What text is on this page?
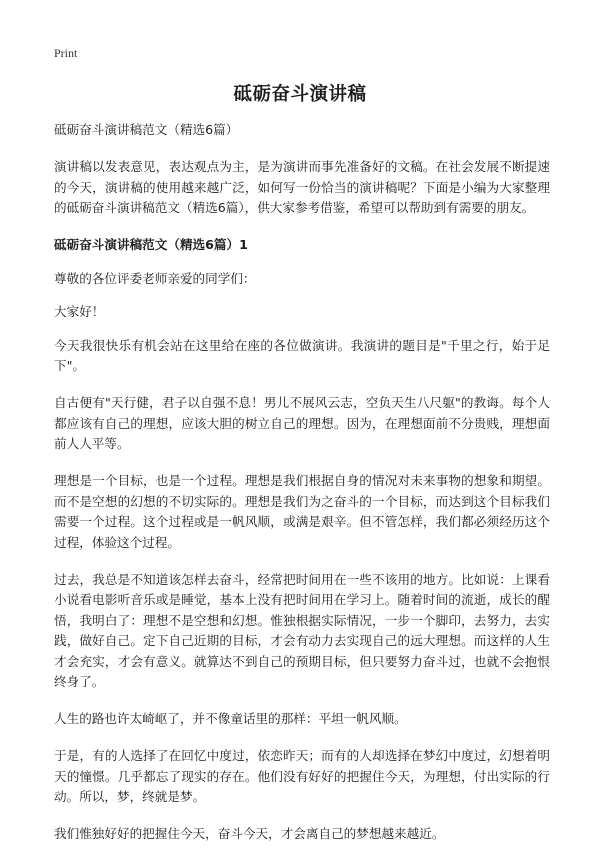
Print
砥砺奋斗演讲稿

砥砺奋斗演讲稿范文（精选6篇）

演讲稿以发表意见，表达观点为主，是为演讲而事先准备好的文稿。在社会发展不断提速的今天，演讲稿的使用越来越广泛，如何写一份恰当的演讲稿呢？下面是小编为大家整理的砥砺奋斗演讲稿范文（精选6篇），供大家参考借鉴，希望可以帮助到有需要的朋友。

砥砺奋斗演讲稿范文（精选6篇）1

尊敬的各位评委老师亲爱的同学们：

大家好！

今天我很快乐有机会站在这里给在座的各位做演讲。我演讲的题目是"千里之行，始于足下"。

自古便有"天行健，君子以自强不息！男儿不展风云志，空负天生八尺躯"的教诲。每个人都应该有自己的理想，应该大胆的树立自己的理想。因为，在理想面前不分贵贱，理想面前人人平等。

理想是一个目标，也是一个过程。理想是我们根据自身的情况对未来事物的想象和期望。而不是空想的幻想的不切实际的。理想是我们为之奋斗的一个目标，而达到这个目标我们需要一个过程。这个过程或是一帆风顺，或满是艰辛。但不管怎样，我们都必须经历这个过程，体验这个过程。

过去，我总是不知道该怎样去奋斗，经常把时间用在一些不该用的地方。比如说：上课看小说看电影听音乐或是睡觉，基本上没有把时间用在学习上。随着时间的流逝，成长的醒悟，我明白了：理想不是空想和幻想。惟独根据实际情况，一步一个脚印，去努力，去实践，做好自己。定下自己近期的目标，才会有动力去实现自己的远大理想。而这样的人生才会充实，才会有意义。就算达不到自己的预期目标，但只要努力奋斗过，也就不会抱恨终身了。

人生的路也许太崎岖了，并不像童话里的那样：平坦一帆风顺。

于是，有的人选择了在回忆中度过，依恋昨天；而有的人却选择在梦幻中度过，幻想着明天的憧憬。几乎都忘了现实的存在。他们没有好好的把握住今天，为理想，付出实际的行动。所以，梦，终就是梦。

我们惟独好好的把握住今天，奋斗今天，才会离自己的梦想越来越近。
